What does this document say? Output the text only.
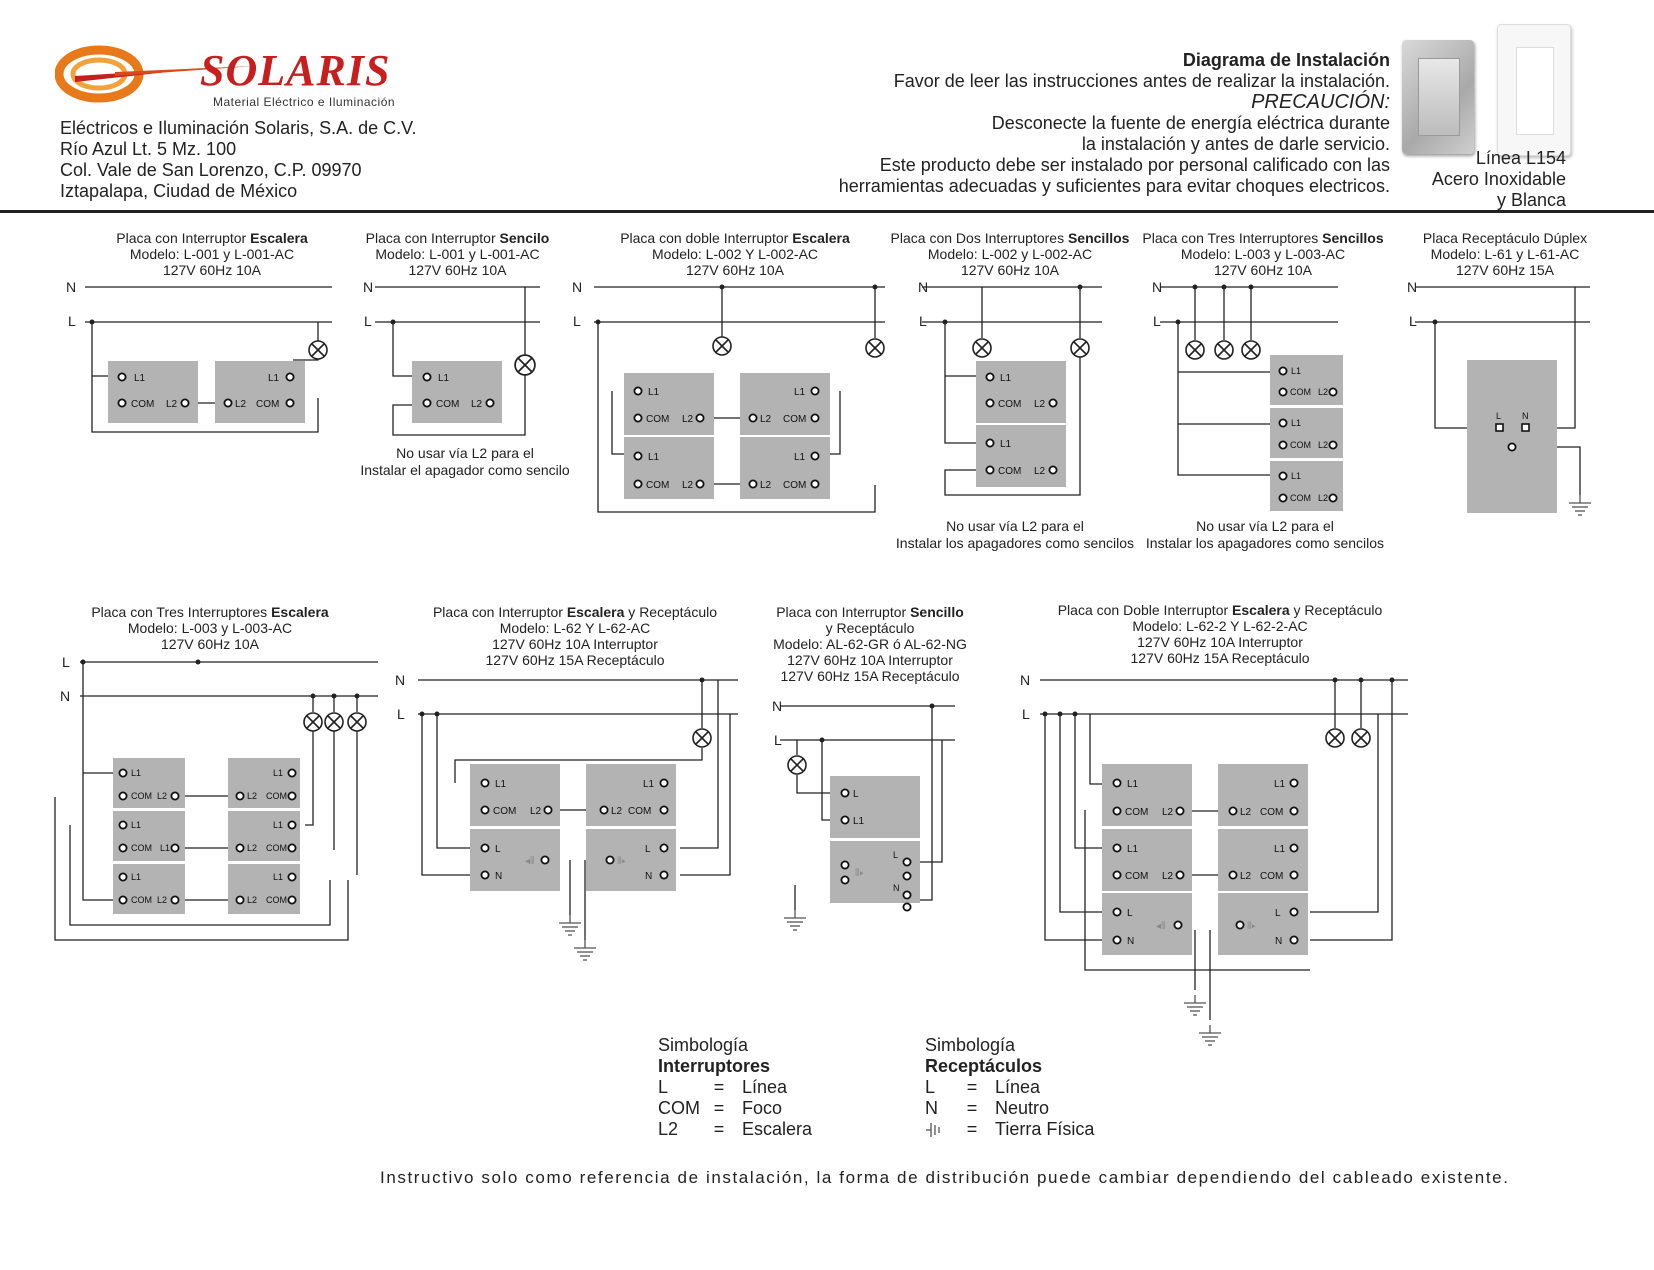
SOLARIS
Material Eléctrico e Iluminación
Eléctricos e Iluminación Solaris, S.A. de C.V.
Río Azul Lt. 5 Mz. 100
Col. Vale de San Lorenzo, C.P. 09970
Iztapalapa, Ciudad de México
Diagrama de Instalación
Favor de leer las instrucciones antes de realizar la instalación.
PRECAUCIÓN:
Desconecte la fuente de energía eléctrica durante
la instalación y antes de darle servicio.
Este producto debe ser instalado por personal calificado con las
herramientas adecuadas y suficientes para evitar choques electricos.
Línea L154
Acero Inoxidable
y Blanca
Placa con Interruptor Escalera
Modelo: L-001 y L-001-AC
127V 60Hz 10A
Placa con Interruptor Sencilo
Modelo: L-001 y L-001-AC
127V 60Hz 10A
Placa con doble Interruptor Escalera
Modelo: L-002 Y L-002-AC
127V 60Hz 10A
Placa con Dos Interruptores Sencillos
Modelo: L-002 y L-002-AC
127V 60Hz 10A
Placa con Tres Interruptores Sencillos
Modelo: L-003 y L-003-AC
127V 60Hz 10A
Placa Receptáculo Dúplex
Modelo: L-61 y L-61-AC
127V 60Hz 15A
Placa con Tres Interruptores Escalera
Modelo: L-003 y L-003-AC
127V 60Hz 10A
Placa con Interruptor Escalera y Receptáculo
Modelo: L-62 Y L-62-AC
127V 60Hz 10A Interruptor
127V 60Hz 15A Receptáculo
Placa con Interruptor Sencillo
y Receptáculo
Modelo: AL-62-GR ó AL-62-NG
127V 60Hz 10A Interruptor
127V 60Hz 15A Receptáculo
Placa con Doble Interruptor Escalera y Receptáculo
Modelo: L-62-2 Y L-62-2-AC
127V 60Hz 10A Interruptor
127V 60Hz 15A Receptáculo
No usar vía L2 para el
Instalar el apagador como sencilo
No usar vía L2 para el
Instalar los apagadores como sencilos
No usar vía L2 para el
Instalar los apagadores como sencilos
L1
COM L2
L1
L2 COM
L1
COM L2
L1
COM L2
L1
L2 COM
L1
COM L2
L1
L2 COM
L1
COM L2
L1
COM L2
L1
COM L2
L1
COM L2
L1
COM L2
L N
L1
COM L2
L1
L2 COM
L1
COM L1
L1
L2 COM
L1
COM L2
L1
L2 COM
L1
COM L2
L1
L2 COM
L
N
◂⦀	⦀▸
L
N
L
L1
L
N
⦀▸
L1
COM L2
L1
L2 COM
L1
COM L2
L1
L2 COM
L
N
◂⦀	⦀▸
L
N
N
L
N
L
N
L
N
L
N
L
N
L
L
N
N
L	N
L
N
L
Simbología
Interruptores
L	= Línea
COM = Foco
L2	= Escalera
Simbología
Receptáculos
L	= Línea
N	= Neutro
= Tierra Física
Instructivo solo como referencia de instalación, la forma de distribución puede cambiar dependiendo del cableado existente.
